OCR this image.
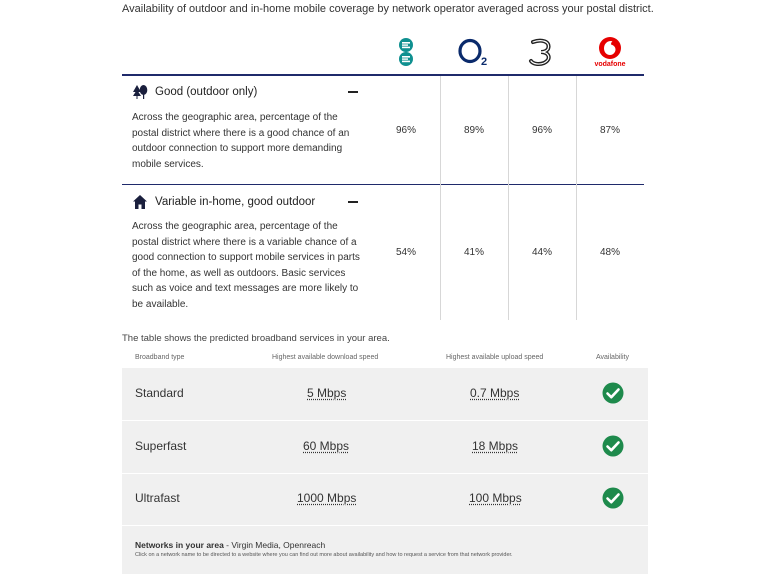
Availability of outdoor and in-home mobile coverage by network operator averaged across your postal district.
2	vodafone
Good (outdoor only)
Across the geographic area, percentage of the postal district where there is a good chance of an outdoor connection to support more demanding mobile services.
96%	89%	96%	87%
Variable in-home, good outdoor
Across the geographic area, percentage of the postal district where there is a variable chance of a good connection to support mobile services in parts of the home, as well as outdoors. Basic services such as voice and text messages are more likely to be available.
54%	41%	44%	48%
The table shows the predicted broadband services in your area.
Broadband type	Highest available download speed	Highest available upload speed	Availability
Standard	5 Mbps	0.7 Mbps
Superfast	60 Mbps	18 Mbps
Ultrafast	1000 Mbps	100 Mbps
Networks in your area - Virgin Media, Openreach
Click on a network name to be directed to a website where you can find out more about availability and how to request a service from that network provider.
